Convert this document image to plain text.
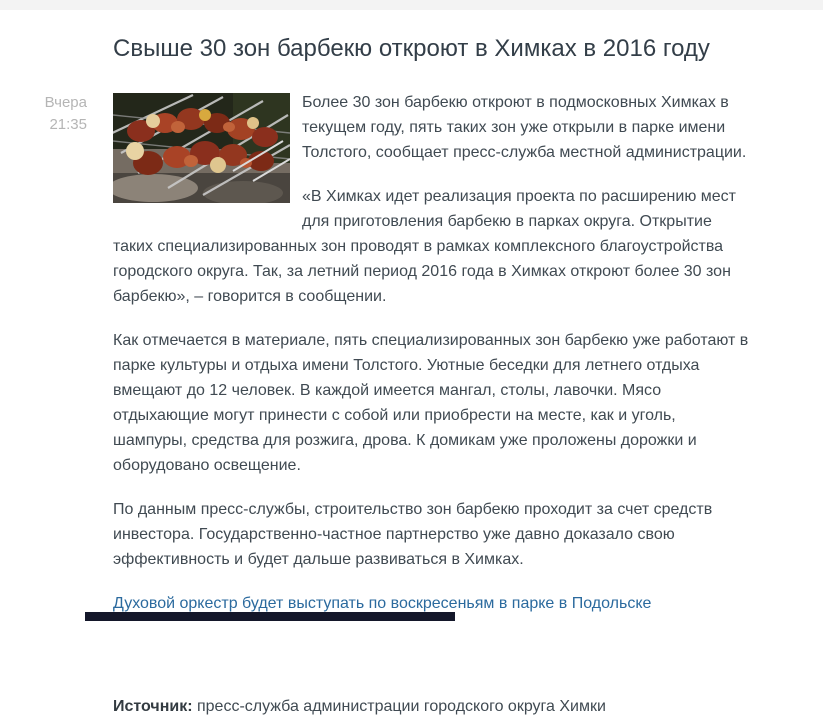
Свыше 30 зон барбекю откроют в Химках в 2016 году
Вчера
21:35

Более 30 зон барбекю откроют в подмосковных Химках в текущем году, пять таких зон уже открыли в парке имени Толстого, сообщает пресс-служба местной администрации.

«В Химках идет реализация проекта по расширению мест для приготовления барбекю в парках округа. Открытие таких специализированных зон проводят в рамках комплексного благоустройства городского округа. Так, за летний период 2016 года в Химках откроют более 30 зон барбекю», – говорится в сообщении.

Как отмечается в материале, пять специализированных зон барбекю уже работают в парке культуры и отдыха имени Толстого. Уютные беседки для летнего отдыха вмещают до 12 человек. В каждой имеется мангал, столы, лавочки. Мясо отдыхающие могут принести с собой или приобрести на месте, как и уголь, шампуры, средства для розжига, дрова. К домикам уже проложены дорожки и оборудовано освещение.

По данным пресс-службы, строительство зон барбекю проходит за счет средств инвестора. Государственно-частное партнерство уже давно доказало свою эффективность и будет дальше развиваться в Химках.

Духовой оркестр будет выступать по воскресеньям в парке в Подольске
Источник: пресс-служба администрации городского округа Химки
